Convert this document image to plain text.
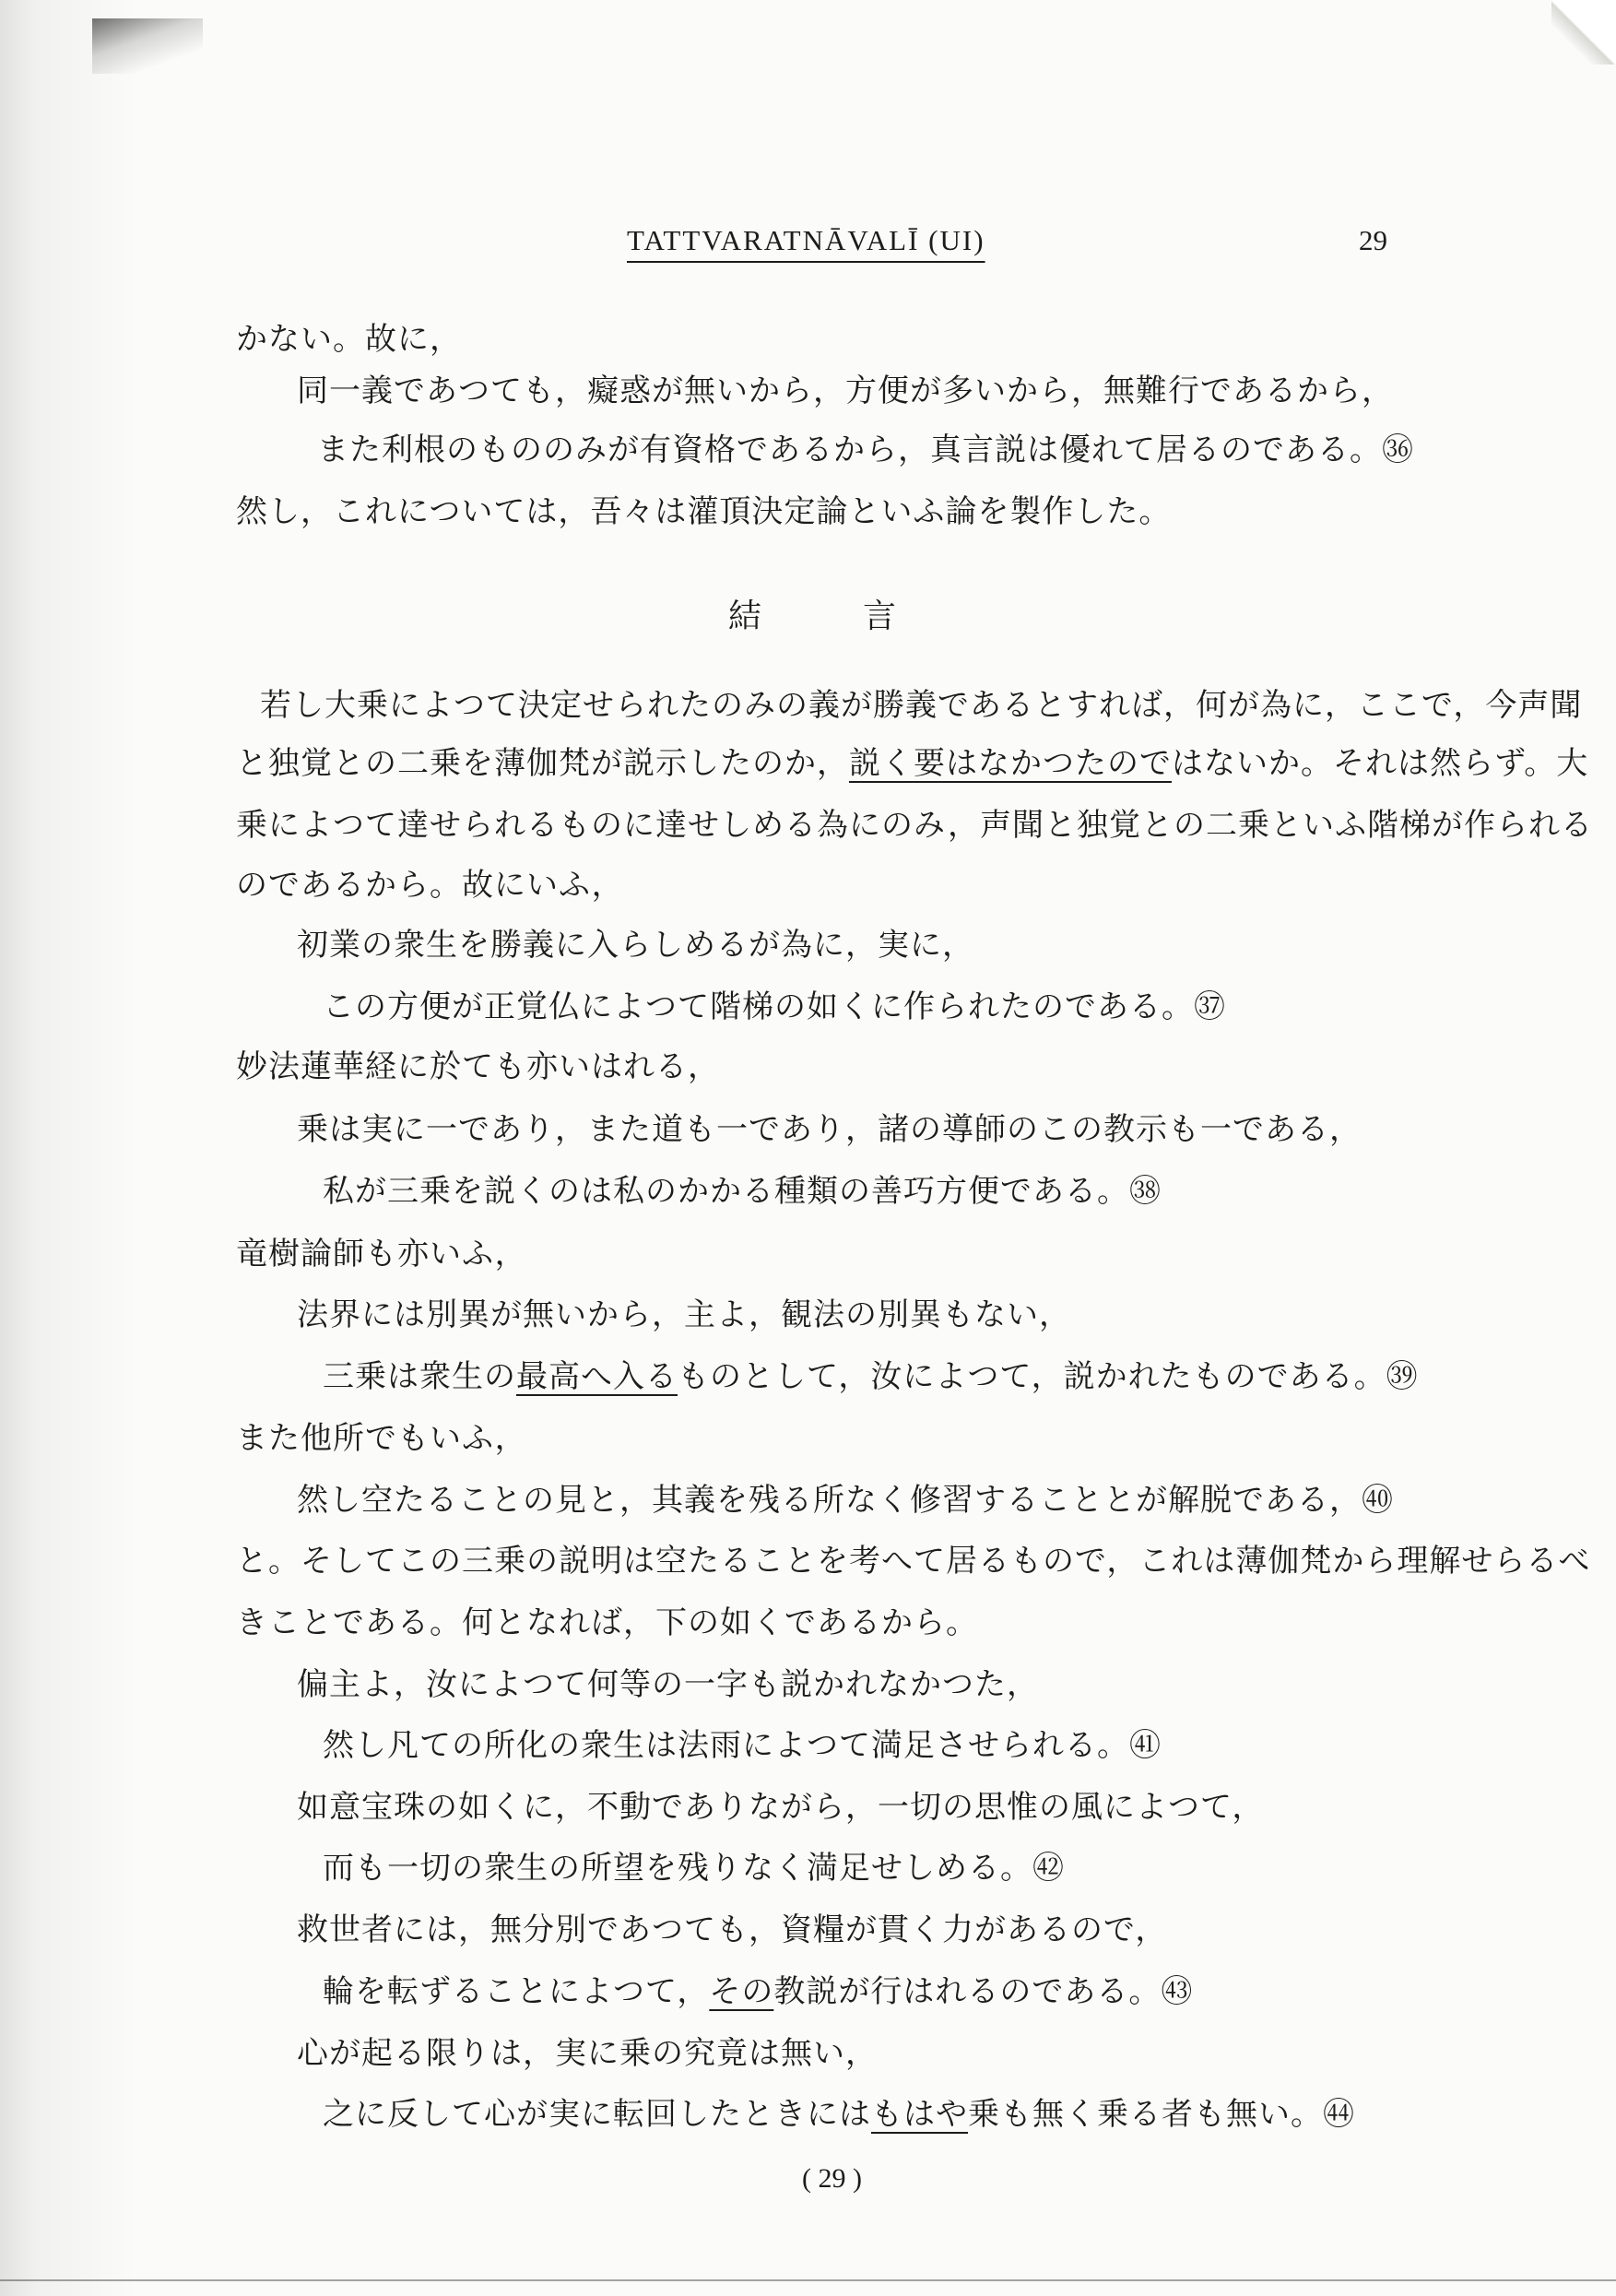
TATTVARATNĀVALĪ (UI)	29
かない。故に，
同一義であつても，癡惑が無いから，方便が多いから，無難行であるから，
また利根のもののみが有資格であるから，真言説は優れて居るのである。㊱
然し，これについては，吾々は灌頂決定論といふ論を製作した。
結	言
若し大乗によつて決定せられたのみの義が勝義であるとすれば，何が為に，ここで，今声聞
と独覚との二乗を薄伽梵が説示したのか，説く要はなかつたのではないか。それは然らず。大
乗によつて達せられるものに達せしめる為にのみ，声聞と独覚との二乗といふ階梯が作られる
のであるから。故にいふ，
初業の衆生を勝義に入らしめるが為に，実に，
この方便が正覚仏によつて階梯の如くに作られたのである。㊲
妙法蓮華経に於ても亦いはれる，
乗は実に一であり，また道も一であり，諸の導師のこの教示も一である，
私が三乗を説くのは私のかかる種類の善巧方便である。㊳
竜樹論師も亦いふ，
法界には別異が無いから，主よ，観法の別異もない，
三乗は衆生の最高へ入るものとして，汝によつて，説かれたものである。㊴
また他所でもいふ，
然し空たることの見と，其義を残る所なく修習することとが解脱である，㊵
と。そしてこの三乗の説明は空たることを考へて居るもので，これは薄伽梵から理解せらるべ
きことである。何となれば，下の如くであるから。
偏主よ，汝によつて何等の一字も説かれなかつた，
然し凡ての所化の衆生は法雨によつて満足させられる。㊶
如意宝珠の如くに，不動でありながら，一切の思惟の風によつて，
而も一切の衆生の所望を残りなく満足せしめる。㊷
救世者には，無分別であつても，資糧が貫く力があるので，
輪を転ずることによつて，その教説が行はれるのである。㊸
心が起る限りは，実に乗の究竟は無い，
之に反して心が実に転回したときにはもはや乗も無く乗る者も無い。㊹
( 29 )
